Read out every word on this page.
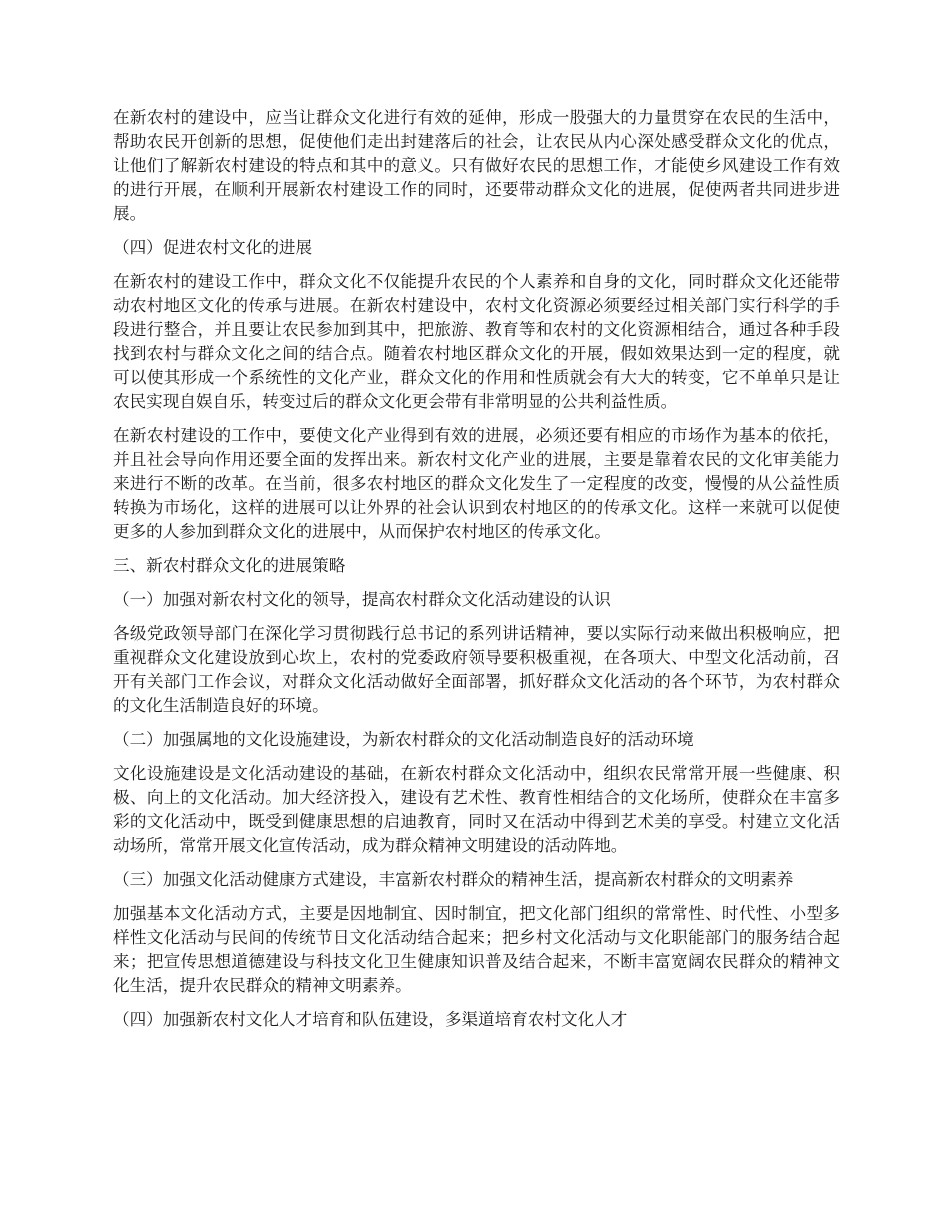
在新农村的建设中，应当让群众文化进行有效的延伸，形成一股强大的力量贯穿在农民的生活中，帮助农民开创新的思想，促使他们走出封建落后的社会，让农民从内心深处感受群众文化的优点，让他们了解新农村建设的特点和其中的意义。只有做好农民的思想工作，才能使乡风建设工作有效的进行开展，在顺利开展新农村建设工作的同时，还要带动群众文化的进展，促使两者共同进步进展。

（四）促进农村文化的进展

在新农村的建设工作中，群众文化不仅能提升农民的个人素养和自身的文化，同时群众文化还能带动农村地区文化的传承与进展。在新农村建设中，农村文化资源必须要经过相关部门实行科学的手段进行整合，并且要让农民参加到其中，把旅游、教育等和农村的文化资源相结合，通过各种手段找到农村与群众文化之间的结合点。随着农村地区群众文化的开展，假如效果达到一定的程度，就可以使其形成一个系统性的文化产业，群众文化的作用和性质就会有大大的转变，它不单单只是让农民实现自娱自乐，转变过后的群众文化更会带有非常明显的公共利益性质。

在新农村建设的工作中，要使文化产业得到有效的进展，必须还要有相应的市场作为基本的依托，并且社会导向作用还要全面的发挥出来。新农村文化产业的进展，主要是靠着农民的文化审美能力来进行不断的改革。在当前，很多农村地区的群众文化发生了一定程度的改变，慢慢的从公益性质转换为市场化，这样的进展可以让外界的社会认识到农村地区的的传承文化。这样一来就可以促使更多的人参加到群众文化的进展中，从而保护农村地区的传承文化。

三、新农村群众文化的进展策略

（一）加强对新农村文化的领导，提高农村群众文化活动建设的认识

各级党政领导部门在深化学习贯彻践行总书记的系列讲话精神，要以实际行动来做出积极响应，把重视群众文化建设放到心坎上，农村的党委政府领导要积极重视，在各项大、中型文化活动前，召开有关部门工作会议，对群众文化活动做好全面部署，抓好群众文化活动的各个环节，为农村群众的文化生活制造良好的环境。

（二）加强属地的文化设施建设，为新农村群众的文化活动制造良好的活动环境

文化设施建设是文化活动建设的基础，在新农村群众文化活动中，组织农民常常开展一些健康、积极、向上的文化活动。加大经济投入，建设有艺术性、教育性相结合的文化场所，使群众在丰富多彩的文化活动中，既受到健康思想的启迪教育，同时又在活动中得到艺术美的享受。村建立文化活动场所，常常开展文化宣传活动，成为群众精神文明建设的活动阵地。

（三）加强文化活动健康方式建设，丰富新农村群众的精神生活，提高新农村群众的文明素养

加强基本文化活动方式，主要是因地制宜、因时制宜，把文化部门组织的常常性、时代性、小型多样性文化活动与民间的传统节日文化活动结合起来；把乡村文化活动与文化职能部门的服务结合起来；把宣传思想道德建设与科技文化卫生健康知识普及结合起来，不断丰富宽阔农民群众的精神文化生活，提升农民群众的精神文明素养。

（四）加强新农村文化人才培育和队伍建设，多渠道培育农村文化人才
